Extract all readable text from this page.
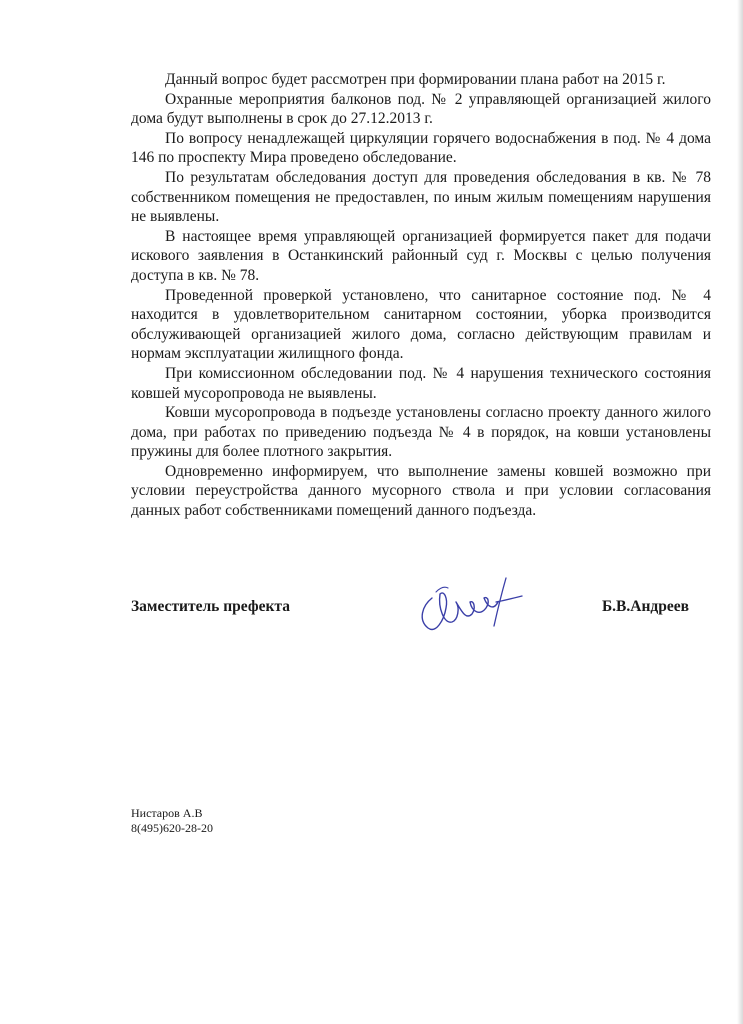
Данный вопрос будет рассмотрен при формировании плана работ на 2015 г.

Охранные мероприятия балконов под. № 2 управляющей организацией жилого дома будут выполнены в срок до 27.12.2013 г.

По вопросу ненадлежащей циркуляции горячего водоснабжения в под. № 4 дома 146 по проспекту Мира проведено обследование.

По результатам обследования доступ для проведения обследования в кв. № 78 собственником помещения не предоставлен, по иным жилым помещениям нарушения не выявлены.

В настоящее время управляющей организацией формируется пакет для подачи искового заявления в Останкинский районный суд г. Москвы с целью получения доступа в кв. № 78.

Проведенной проверкой установлено, что санитарное состояние под. № 4 находится в удовлетворительном санитарном состоянии, уборка производится обслуживающей организацией жилого дома, согласно действующим правилам и нормам эксплуатации жилищного фонда.

При комиссионном обследовании под. № 4 нарушения технического состояния ковшей мусоропровода не выявлены.

Ковши мусоропровода в подъезде установлены согласно проекту данного жилого дома, при работах по приведению подъезда № 4 в порядок, на ковши установлены пружины для более плотного закрытия.

Одновременно информируем, что выполнение замены ковшей возможно при условии переустройства данного мусорного ствола и при условии согласования данных работ собственниками помещений данного подъезда.

Заместитель префекта	Б.В.Андреев
Нистаров А.В
8(495)620-28-20
